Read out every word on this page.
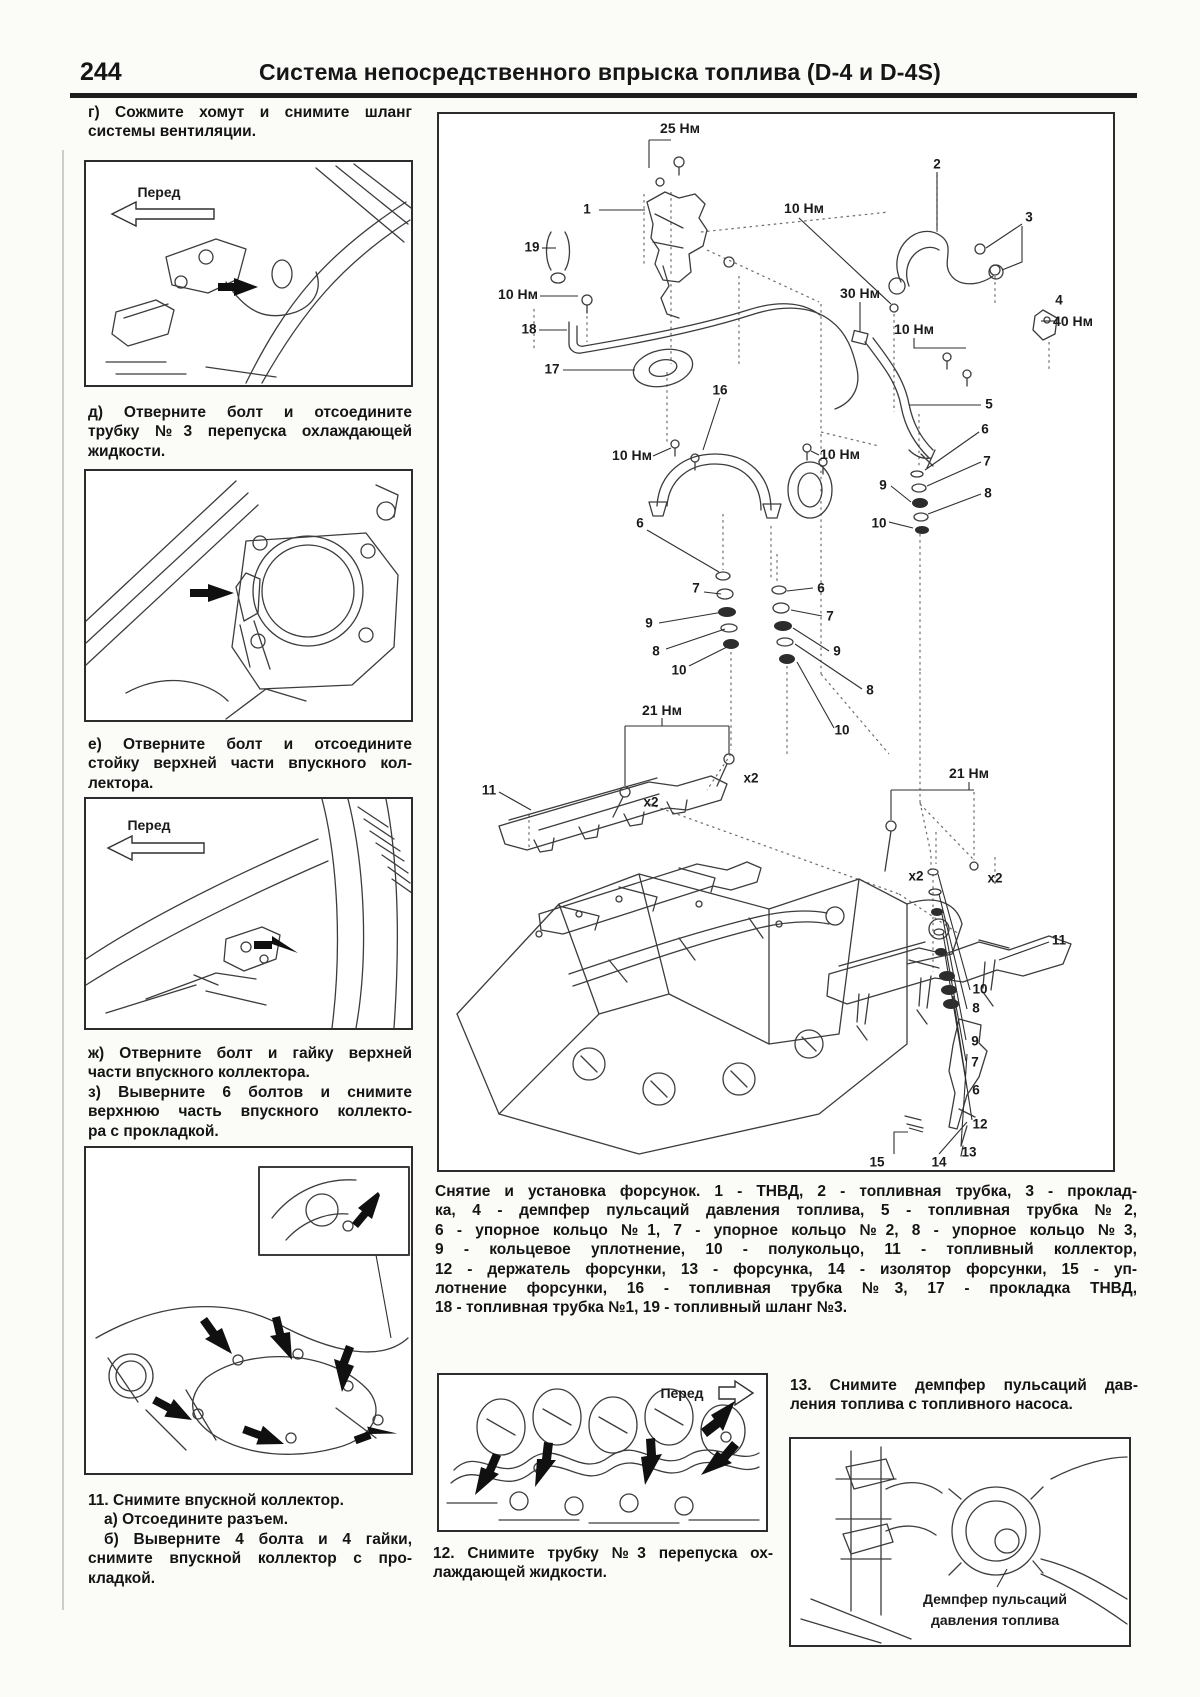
244	Система непосредственного впрыска топлива (D-4 и D-4S)
г) Сожмите хомут и снимите шланг
системы вентиляции.
Перед
д) Отверните болт и отсоедините
трубку №3 перепуска охлаждающей
жидкости.
е) Отверните болт и отсоедините
стойку верхней части впускного кол-
лектора.
Перед
ж) Отверните болт и гайку верхней
части впускного коллектора.
з) Выверните 6 болтов и снимите
верхнюю часть впускного коллекто-
ра с прокладкой.
11. Снимите впускной коллектор.
а) Отсоедините разъем.
б) Выверните 4 болта и 4 гайки,
снимите впускной коллектор с про-
кладкой.
25 Нм
1	10 Нм
2
3
19
10 Нм	30 Нм
10 Нм
4
40 Нм
18
17
16
5
10 Нм	10 Нм
6
7
9
8
10
6
7
9
8
10
6
7
9
8
10
21 Нм
x2
x2
11
21 Нм
x2	x2
11
10
8
9
7
6
12
13
14
15
Снятие и установка форсунок. 1 - ТНВД, 2 - топливная трубка, 3 - проклад-
ка, 4 - демпфер пульсаций давления топлива, 5 - топливная трубка №2,
6 - упорное кольцо №1, 7 - упорное кольцо №2, 8 - упорное кольцо №3,
9 - кольцевое уплотнение, 10 - полукольцо, 11 - топливный коллектор,
12 - держатель форсунки, 13 - форсунка, 14 - изолятор форсунки, 15 - уп-
лотнение форсунки, 16 - топливная трубка №3, 17 - прокладка ТНВД,
18 - топливная трубка №1, 19 - топливный шланг №3.
Перед
12. Снимите трубку №3 перепуска ох-
лаждающей жидкости.
13. Снимите демпфер пульсаций дав-
ления топлива с топливного насоса.
Демпфер пульсаций
давления топлива
